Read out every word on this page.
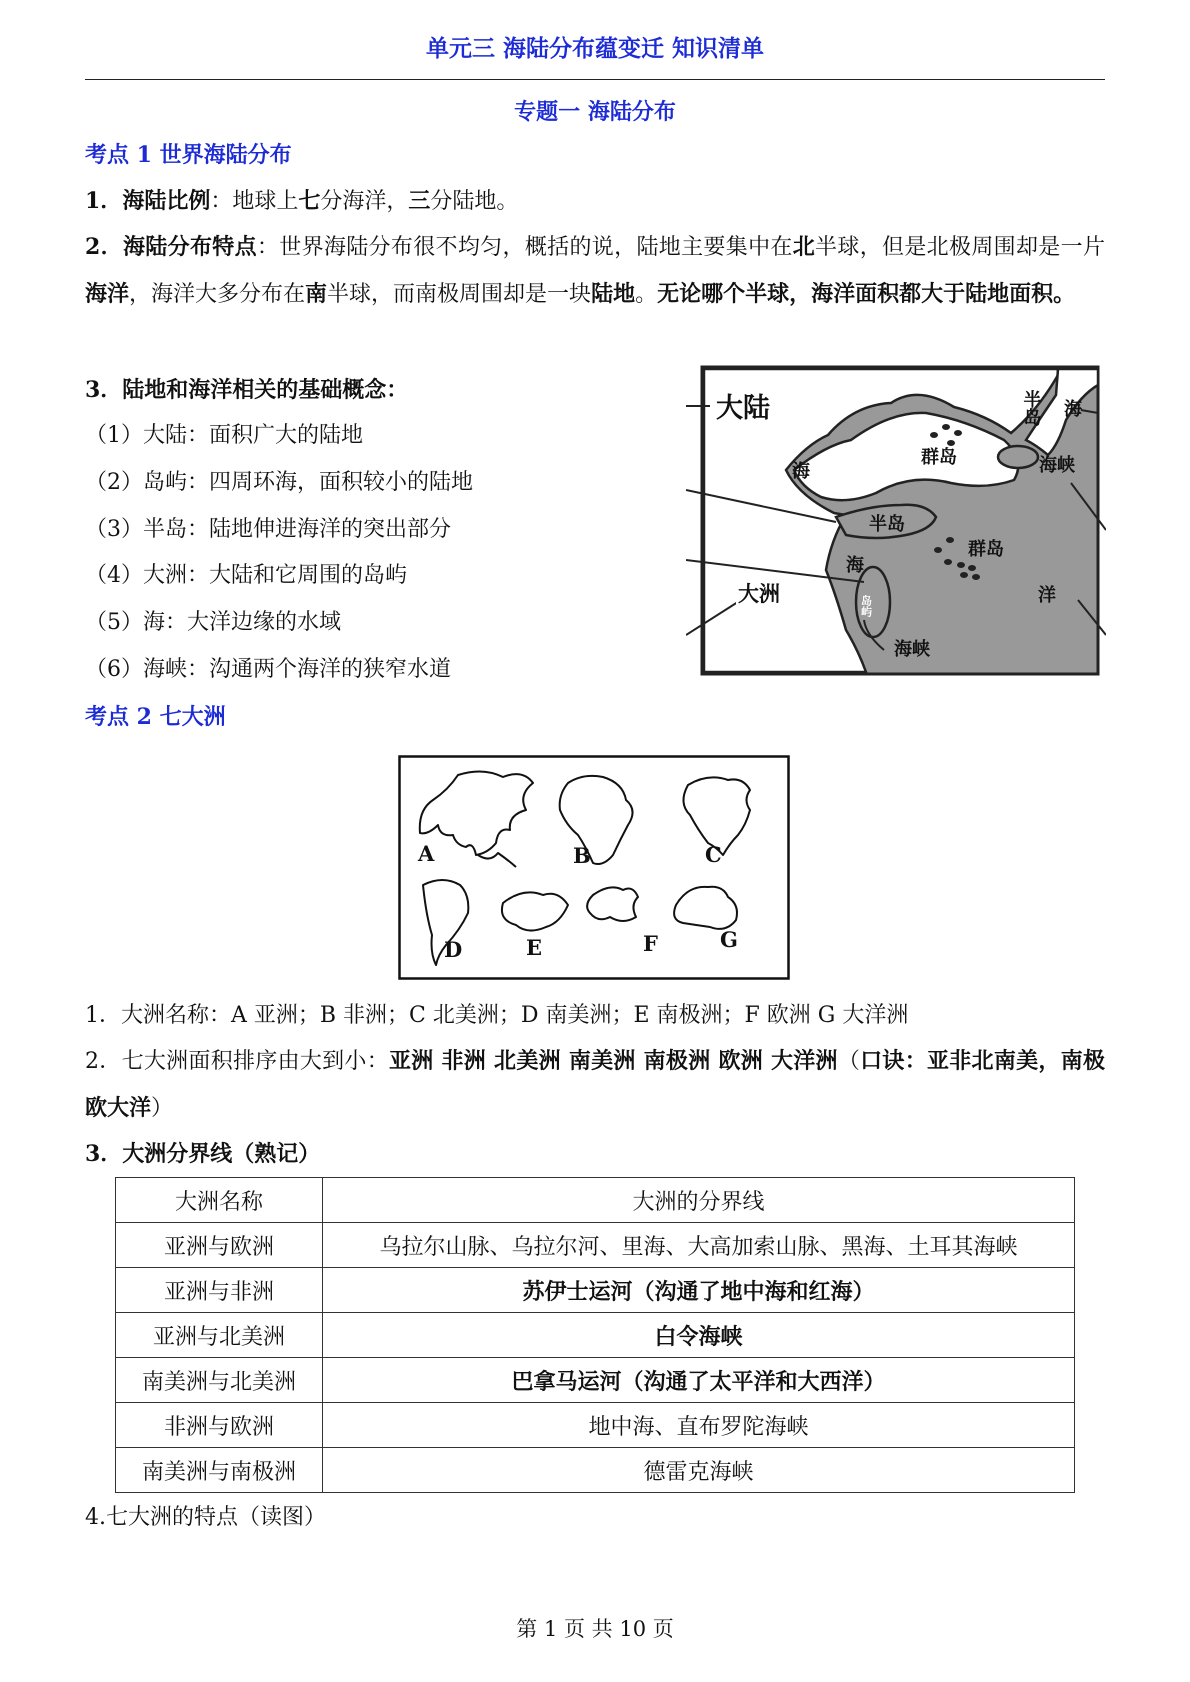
单元三 海陆分布蕴变迁 知识清单
专题一 海陆分布
考点 1 世界海陆分布
1．海陆比例：地球上七分海洋，三分陆地。
2．海陆分布特点：世界海陆分布很不均匀，概括的说，陆地主要集中在北半球，但是北极周围却是一片海洋，海洋大多分布在南半球，而南极周围却是一块陆地。无论哪个半球，海洋面积都大于陆地面积。
3．陆地和海洋相关的基础概念：
（1）大陆：面积广大的陆地
（2）岛屿：四周环海，面积较小的陆地
（3）半岛：陆地伸进海洋的突出部分
（4）大洲：大陆和它周围的岛屿
（5）海：大洋边缘的水域
（6）海峡：沟通两个海洋的狭窄水道
大陆
海
群岛
半岛 海
海峡
半岛
海
群岛
大洲	岛屿	洋
海峡
考点 2 七大洲
A	B	C
D	E	F	G
1．大洲名称：A 亚洲；B 非洲；C 北美洲；D 南美洲；E 南极洲；F 欧洲 G 大洋洲
2．七大洲面积排序由大到小：亚洲 非洲 北美洲 南美洲 南极洲 欧洲 大洋洲（口诀：亚非北南美，南极欧大洋）
3．大洲分界线（熟记）
大洲名称	大洲的分界线
亚洲与欧洲	乌拉尔山脉、乌拉尔河、里海、大高加索山脉、黑海、土耳其海峡
亚洲与非洲	苏伊士运河（沟通了地中海和红海）
亚洲与北美洲	白令海峡
南美洲与北美洲	巴拿马运河（沟通了太平洋和大西洋）
非洲与欧洲	地中海、直布罗陀海峡
南美洲与南极洲	德雷克海峡
4.七大洲的特点（读图）
第 1 页 共 10 页
